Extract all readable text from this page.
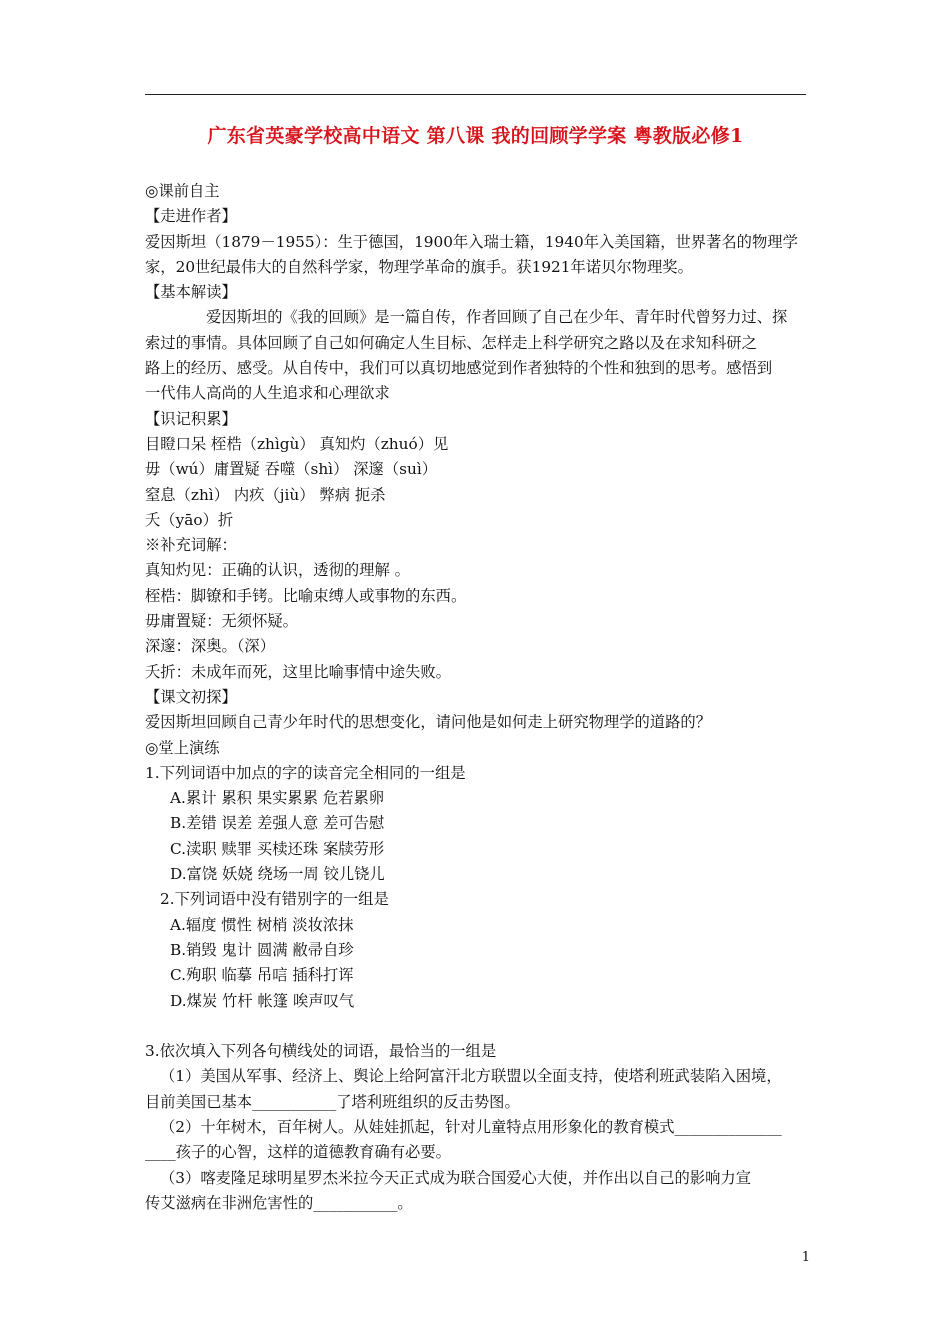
广东省英豪学校高中语文 第八课 我的回顾学学案 粤教版必修1
◎课前自主
【走进作者】
爱因斯坦（1879－1955）：生于德国，1900年入瑞士籍，1940年入美国籍，世界著名的物理学
家，20世纪最伟大的自然科学家，物理学革命的旗手。获1921年诺贝尔物理奖。
【基本解读】
爱因斯坦的《我的回顾》是一篇自传，作者回顾了自己在少年、青年时代曾努力过、探
索过的事情。具体回顾了自己如何确定人生目标、怎样走上科学研究之路以及在求知科研之
路上的经历、感受。从自传中，我们可以真切地感觉到作者独特的个性和独到的思考。感悟到
一代伟人高尚的人生追求和心理欲求
【识记积累】
目瞪口呆 桎梏（zhìgù） 真知灼（zhuó）见
毋（wú）庸置疑 吞噬（shì） 深邃（suì）
窒息（zhì） 内疚（jiù） 弊病 扼杀
夭（yāo）折
※补充词解：
真知灼见：正确的认识，透彻的理解 。
桎梏：脚镣和手铐。比喻束缚人或事物的东西。
毋庸置疑：无须怀疑。
深邃：深奥。（深）
夭折：未成年而死，这里比喻事情中途失败。
【课文初探】
爱因斯坦回顾自己青少年时代的思想变化，请问他是如何走上研究物理学的道路的？
◎堂上演练
1.下列词语中加点的字的读音完全相同的一组是
A.累计 累积 果实累累 危若累卵
B.差错 误差 差强人意 差可告慰
C.渎职 赎罪 买椟还珠 案牍劳形
D.富饶 妖娆 绕场一周 铰儿铙儿
2.下列词语中没有错别字的一组是
A.辐度 惯性 树梢 淡妆浓抹
B.销毁 鬼计 圆满 敝帚自珍
C.殉职 临摹 吊唁 插科打诨
D.煤炭 竹杆 帐篷 唉声叹气
3.依次填入下列各句横线处的词语，最恰当的一组是
（1）美国从军事、经济上、舆论上给阿富汗北方联盟以全面支持，使塔利班武装陷入困境，
目前美国已基本___________了塔利班组织的反击势图。
（2）十年树木，百年树人。从娃娃抓起，针对儿童特点用形象化的教育模式______________
____孩子的心智，这样的道德教育确有必要。
（3）喀麦隆足球明星罗杰米拉今天正式成为联合国爱心大使，并作出以自己的影响力宣
传艾滋病在非洲危害性的___________。
1
